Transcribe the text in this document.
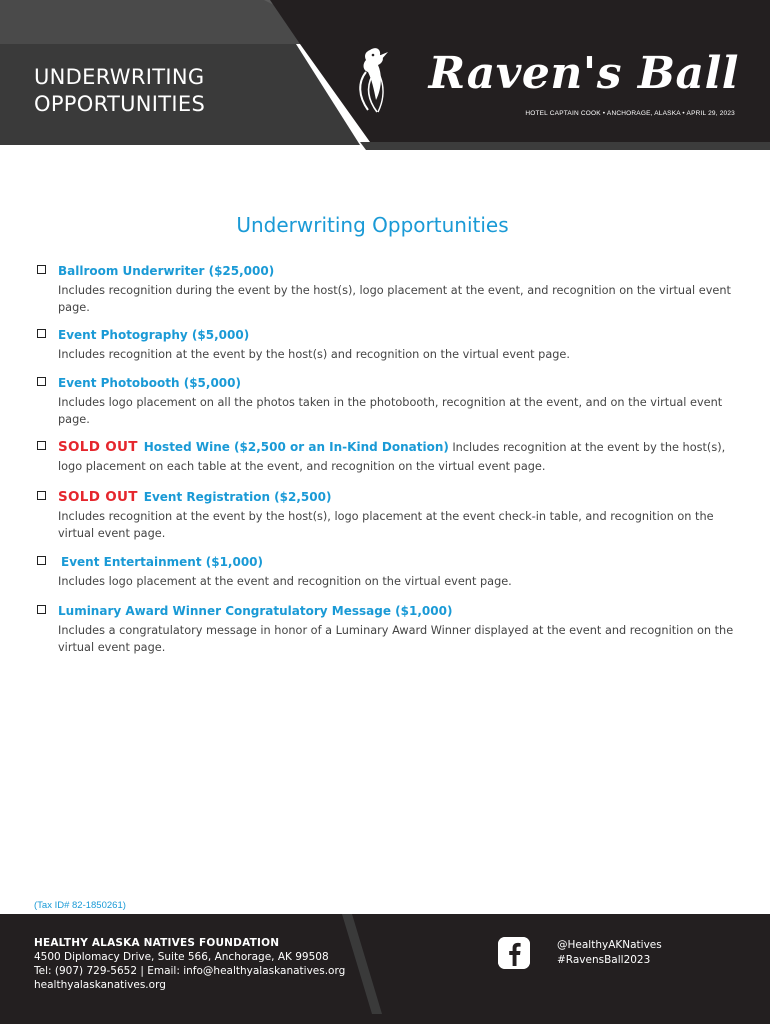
UNDERWRITING
OPPORTUNITIES
Raven's Ball
HOTEL CAPTAIN COOK • ANCHORAGE, ALASKA • APRIL 29, 2023
Underwriting Opportunities
Ballroom Underwriter ($25,000)
Includes recognition during the event by the host(s), logo placement at the event, and recognition on the virtual event page.
Event Photography ($5,000)
Includes recognition at the event by the host(s) and recognition on the virtual event page.
Event Photobooth ($5,000)
Includes logo placement on all the photos taken in the photobooth, recognition at the event, and on the virtual event page.
SOLD OUT Hosted Wine ($2,500 or an In-Kind Donation) Includes recognition at the event by the host(s),
logo placement on each table at the event, and recognition on the virtual event page.
SOLD OUT Event Registration ($2,500)
Includes recognition at the event by the host(s), logo placement at the event check-in table, and recognition on the virtual event page.
Event Entertainment ($1,000)
Includes logo placement at the event and recognition on the virtual event page.
Luminary Award Winner Congratulatory Message ($1,000)
Includes a congratulatory message in honor of a Luminary Award Winner displayed at the event and recognition on the virtual event page.
(Tax ID# 82-1850261)
HEALTHY ALASKA NATIVES FOUNDATION
4500 Diplomacy Drive, Suite 566, Anchorage, AK 99508
Tel: (907) 729-5652 | Email: info@healthyalaskanatives.org
healthyalaskanatives.org
@HealthyAKNatives
#RavensBall2023
